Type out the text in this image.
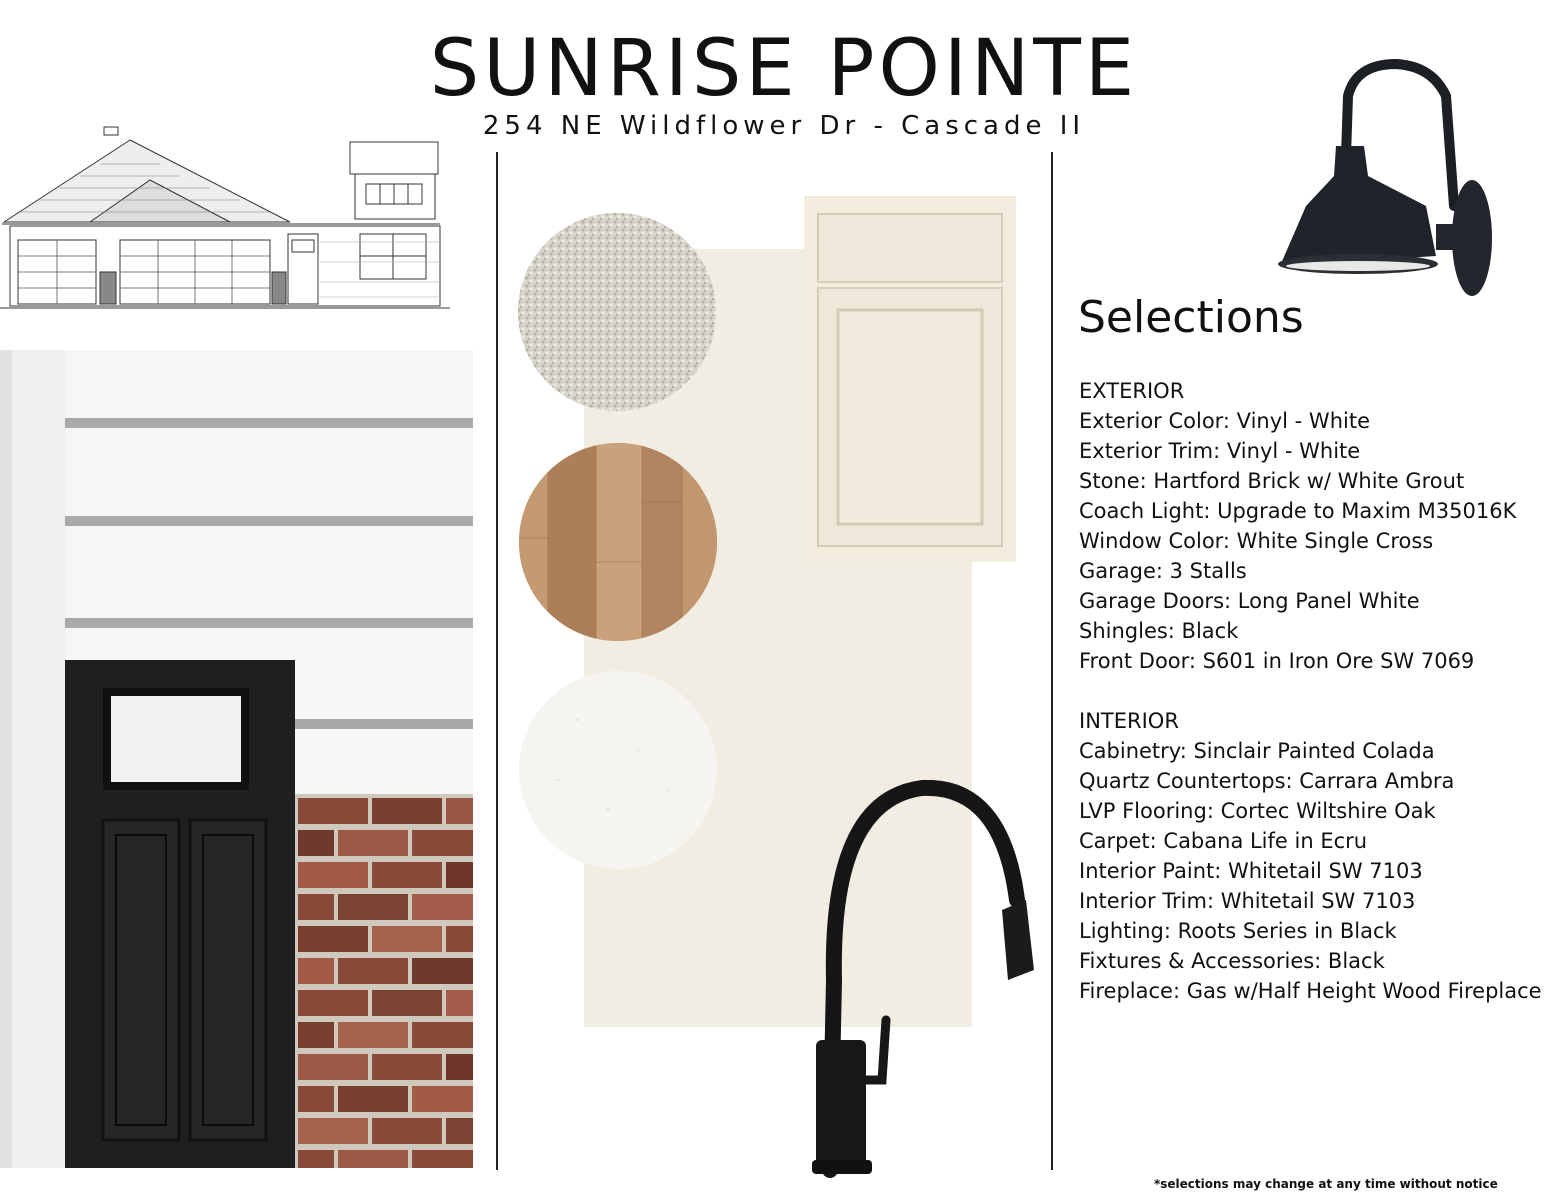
SUNRISE POINTE
254 NE Wildflower Dr - Cascade II
Selections
EXTERIOR
Exterior Color: Vinyl - White
Exterior Trim: Vinyl - White
Stone: Hartford Brick w/ White Grout
Coach Light: Upgrade to Maxim M35016K
Window Color: White Single Cross
Garage: 3 Stalls
Garage Doors: Long Panel White
Shingles: Black
Front Door: S601 in Iron Ore SW 7069
INTERIOR
Cabinetry: Sinclair Painted Colada
Quartz Countertops: Carrara Ambra
LVP Flooring: Cortec Wiltshire Oak
Carpet: Cabana Life in Ecru
Interior Paint: Whitetail SW 7103
Interior Trim: Whitetail SW 7103
Lighting: Roots Series in Black
Fixtures & Accessories: Black
Fireplace: Gas w/Half Height Wood Fireplace
*selections may change at any time without notice
